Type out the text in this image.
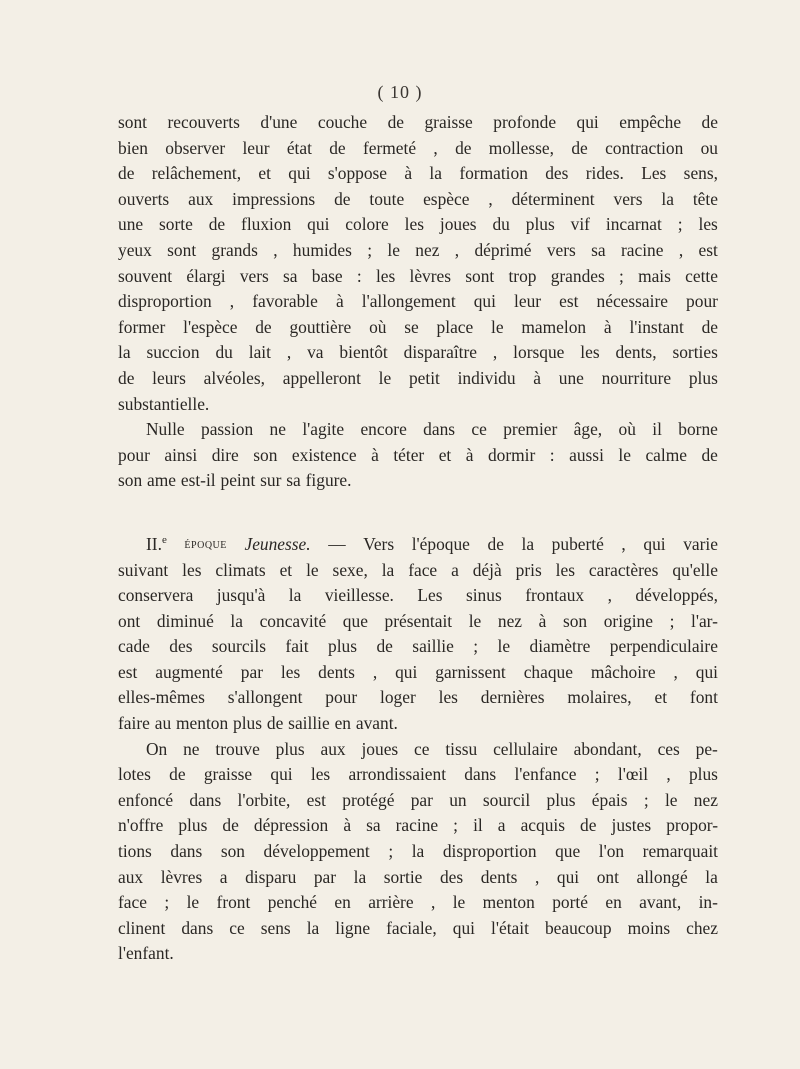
( 10 )
sont recouverts d'une couche de graisse profonde qui empêche de
bien observer leur état de fermeté , de mollesse, de contraction ou
de relâchement, et qui s'oppose à la formation des rides. Les sens,
ouverts aux impressions de toute espèce , déterminent vers la tête
une sorte de fluxion qui colore les joues du plus vif incarnat ; les
yeux sont grands , humides ; le nez , déprimé vers sa racine , est
souvent élargi vers sa base : les lèvres sont trop grandes ; mais cette
disproportion , favorable à l'allongement qui leur est nécessaire pour
former l'espèce de gouttière où se place le mamelon à l'instant de
la succion du lait , va bientôt disparaître , lorsque les dents, sorties
de leurs alvéoles, appelleront le petit individu à une nourriture plus
substantielle.
Nulle passion ne l'agite encore dans ce premier âge, où il borne
pour ainsi dire son existence à téter et à dormir : aussi le calme de
son ame est-il peint sur sa figure.
II.$^e$ époque Jeunesse. — Vers l'époque de la puberté , qui varie
suivant les climats et le sexe, la face a déjà pris les caractères qu'elle
conservera jusqu'à la vieillesse. Les sinus frontaux , développés,
ont diminué la concavité que présentait le nez à son origine ; l'ar-
cade des sourcils fait plus de saillie ; le diamètre perpendiculaire
est augmenté par les dents , qui garnissent chaque mâchoire , qui
elles-mêmes s'allongent pour loger les dernières molaires, et font
faire au menton plus de saillie en avant.
On ne trouve plus aux joues ce tissu cellulaire abondant, ces pe-
lotes de graisse qui les arrondissaient dans l'enfance ; l'œil , plus
enfoncé dans l'orbite, est protégé par un sourcil plus épais ; le nez
n'offre plus de dépression à sa racine ; il a acquis de justes propor-
tions dans son développement ; la disproportion que l'on remarquait
aux lèvres a disparu par la sortie des dents , qui ont allongé la
face ; le front penché en arrière , le menton porté en avant, in-
clinent dans ce sens la ligne faciale, qui l'était beaucoup moins chez
l'enfant.
